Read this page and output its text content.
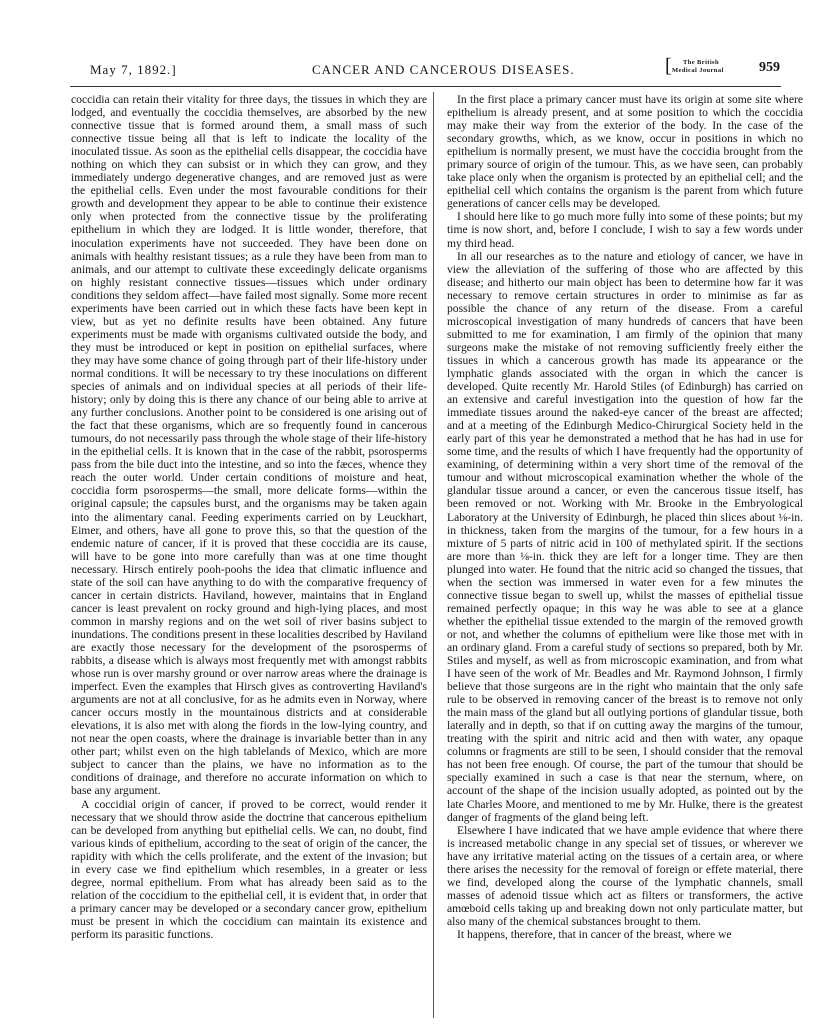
May 7, 1892.]	CANCER AND CANCEROUS DISEASES.	[ The British
Medical Journal	959

coccidia can retain their vitality for three days, the tissues in which they are lodged, and eventually the coccidia themselves, are absorbed by the new connective tissue that is formed around them, a small mass of such connective tissue being all that is left to indicate the locality of the inoculated tissue. As soon as the epithelial cells disappear, the coccidia have nothing on which they can subsist or in which they can grow, and they immediately undergo degenerative changes, and are removed just as were the epithelial cells. Even under the most favourable conditions for their growth and development they appear to be able to continue their existence only when protected from the connective tissue by the proliferating epithelium in which they are lodged. It is little wonder, therefore, that inoculation experiments have not succeeded. They have been done on animals with healthy resistant tissues; as a rule they have been from man to animals, and our attempt to cultivate these exceedingly delicate organisms on highly resistant connective tissues—tissues which under ordinary conditions they seldom affect—have failed most signally. Some more recent experiments have been carried out in which these facts have been kept in view, but as yet no definite results have been obtained. Any future experiments must be made with organisms cultivated outside the body, and they must be introduced or kept in position on epithelial surfaces, where they may have some chance of going through part of their life-history under normal conditions. It will be necessary to try these inoculations on different species of animals and on individual species at all periods of their life-history; only by doing this is there any chance of our being able to arrive at any further conclusions. Another point to be considered is one arising out of the fact that these organisms, which are so frequently found in cancerous tumours, do not necessarily pass through the whole stage of their life-history in the epithelial cells. It is known that in the case of the rabbit, psorosperms pass from the bile duct into the intestine, and so into the fæces, whence they reach the outer world. Under certain conditions of moisture and heat, coccidia form psorosperms—the small, more delicate forms—within the original capsule; the capsules burst, and the organisms may be taken again into the alimentary canal. Feeding experiments carried on by Leuckhart, Eimer, and others, have all gone to prove this, so that the question of the endemic nature of cancer, if it is proved that these coccidia are its cause, will have to be gone into more carefully than was at one time thought necessary. Hirsch entirely pooh-poohs the idea that climatic influence and state of the soil can have anything to do with the comparative frequency of cancer in certain districts. Haviland, however, maintains that in England cancer is least prevalent on rocky ground and high-lying places, and most common in marshy regions and on the wet soil of river basins subject to inundations. The conditions present in these localities described by Haviland are exactly those necessary for the development of the psorosperms of rabbits, a disease which is always most frequently met with amongst rabbits whose run is over marshy ground or over narrow areas where the drainage is imperfect. Even the examples that Hirsch gives as controverting Haviland's arguments are not at all conclusive, for as he admits even in Norway, where cancer occurs mostly in the mountainous districts and at considerable elevations, it is also met with along the fiords in the low-lying country, and not near the open coasts, where the drainage is invariable better than in any other part; whilst even on the high tablelands of Mexico, which are more subject to cancer than the plains, we have no information as to the conditions of drainage, and therefore no accurate information on which to base any argument.

A coccidial origin of cancer, if proved to be correct, would render it necessary that we should throw aside the doctrine that cancerous epithelium can be developed from anything but epithelial cells. We can, no doubt, find various kinds of epithelium, according to the seat of origin of the cancer, the rapidity with which the cells proliferate, and the extent of the invasion; but in every case we find epithelium which resembles, in a greater or less degree, normal epithelium. From what has already been said as to the relation of the coccidium to the epithelial cell, it is evident that, in order that a primary cancer may be developed or a secondary cancer grow, epithelium must be present in which the coccidium can maintain its existence and perform its parasitic functions.

In the first place a primary cancer must have its origin at some site where epithelium is already present, and at some position to which the coccidia may make their way from the exterior of the body. In the case of the secondary growths, which, as we know, occur in positions in which no epithelium is normally present, we must have the coccidia brought from the primary source of origin of the tumour. This, as we have seen, can probably take place only when the organism is protected by an epithelial cell; and the epithelial cell which contains the organism is the parent from which future generations of cancer cells may be developed.

I should here like to go much more fully into some of these points; but my time is now short, and, before I conclude, I wish to say a few words under my third head.

In all our researches as to the nature and etiology of cancer, we have in view the alleviation of the suffering of those who are affected by this disease; and hitherto our main object has been to determine how far it was necessary to remove certain structures in order to minimise as far as possible the chance of any return of the disease. From a careful microscopical investigation of many hundreds of cancers that have been submitted to me for examination, I am firmly of the opinion that many surgeons make the mistake of not removing sufficiently freely either the tissues in which a cancerous growth has made its appearance or the lymphatic glands associated with the organ in which the cancer is developed. Quite recently Mr. Harold Stiles (of Edinburgh) has carried on an extensive and careful investigation into the question of how far the immediate tissues around the naked-eye cancer of the breast are affected; and at a meeting of the Edinburgh Medico-Chirurgical Society held in the early part of this year he demonstrated a method that he has had in use for some time, and the results of which I have frequently had the opportunity of examining, of determining within a very short time of the removal of the tumour and without microscopical examination whether the whole of the glandular tissue around a cancer, or even the cancerous tissue itself, has been removed or not. Working with Mr. Brooke in the Embryological Laboratory at the University of Edinburgh, he placed thin slices about ⅛-in. in thickness, taken from the margins of the tumour, for a few hours in a mixture of 5 parts of nitric acid in 100 of methylated spirit. If the sections are more than ⅛-in. thick they are left for a longer time. They are then plunged into water. He found that the nitric acid so changed the tissues, that when the section was immersed in water even for a few minutes the connective tissue began to swell up, whilst the masses of epithelial tissue remained perfectly opaque; in this way he was able to see at a glance whether the epithelial tissue extended to the margin of the removed growth or not, and whether the columns of epithelium were like those met with in an ordinary gland. From a careful study of sections so prepared, both by Mr. Stiles and myself, as well as from microscopic examination, and from what I have seen of the work of Mr. Beadles and Mr. Raymond Johnson, I firmly believe that those surgeons are in the right who maintain that the only safe rule to be observed in removing cancer of the breast is to remove not only the main mass of the gland but all outlying portions of glandular tissue, both laterally and in depth, so that if on cutting away the margins of the tumour, treating with the spirit and nitric acid and then with water, any opaque columns or fragments are still to be seen, I should consider that the removal has not been free enough. Of course, the part of the tumour that should be specially examined in such a case is that near the sternum, where, on account of the shape of the incision usually adopted, as pointed out by the late Charles Moore, and mentioned to me by Mr. Hulke, there is the greatest danger of fragments of the gland being left.

Elsewhere I have indicated that we have ample evidence that where there is increased metabolic change in any special set of tissues, or wherever we have any irritative material acting on the tissues of a certain area, or where there arises the necessity for the removal of foreign or effete material, there we find, developed along the course of the lymphatic channels, small masses of adenoid tissue which act as filters or transformers, the active amœboid cells taking up and breaking down not only particulate matter, but also many of the chemical substances brought to them.

It happens, therefore, that in cancer of the breast, where we
